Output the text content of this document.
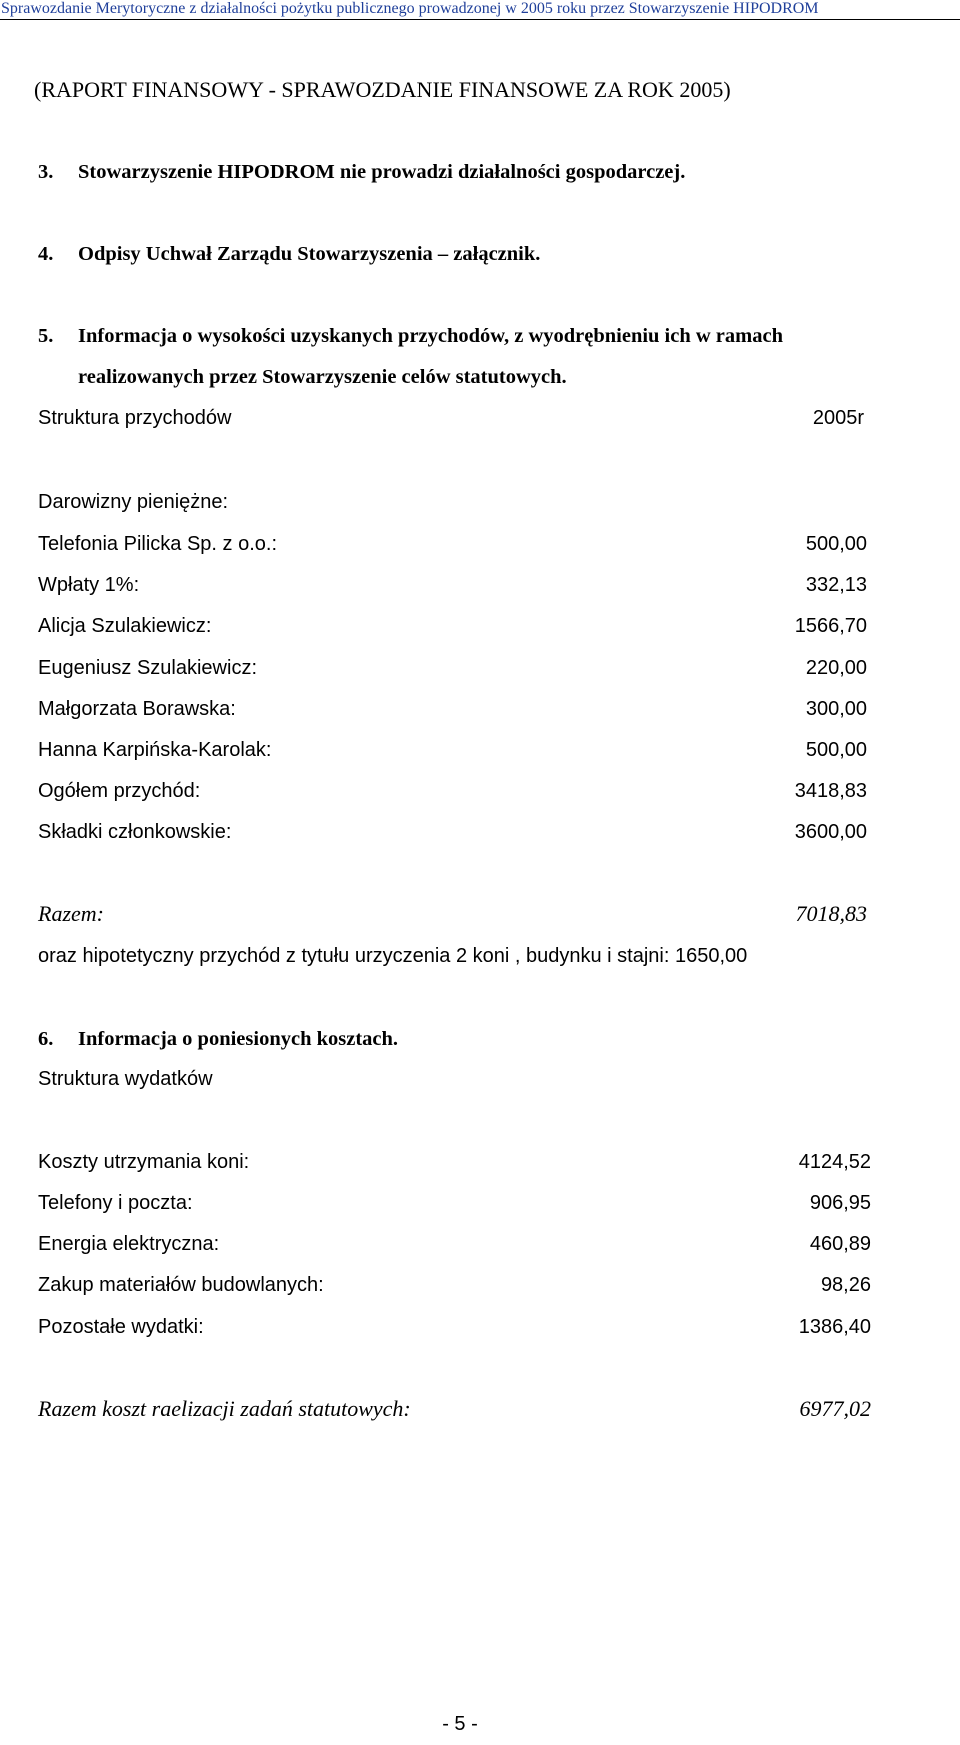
Sprawozdanie Merytoryczne z działalności pożytku publicznego prowadzonej w 2005 roku przez Stowarzyszenie HIPODROM
(RAPORT FINANSOWY - SPRAWOZDANIE FINANSOWE ZA ROK 2005)
3. Stowarzyszenie HIPODROM nie prowadzi działalności gospodarczej.
4. Odpisy Uchwał Zarządu Stowarzyszenia – załącznik.
5. Informacja o wysokości uzyskanych przychodów, z wyodrębnieniu ich w ramach
realizowanych przez Stowarzyszenie celów statutowych.
Struktura przychodów	2005r
Darowizny pieniężne:
Telefonia Pilicka Sp. z o.o.:	500,00
Wpłaty 1%:	332,13
Alicja Szulakiewicz:	1566,70
Eugeniusz Szulakiewicz:	220,00
Małgorzata Borawska:	300,00
Hanna Karpińska-Karolak:	500,00
Ogółem przychód:	3418,83
Składki członkowskie:	3600,00
Razem:	7018,83
oraz hipotetyczny przychód z tytułu urzyczenia 2 koni , budynku i stajni: 1650,00
6. Informacja o poniesionych kosztach.
Struktura wydatków
Koszty utrzymania koni:	4124,52
Telefony i poczta:	906,95
Energia elektryczna:	460,89
Zakup materiałów budowlanych:	98,26
Pozostałe wydatki:	1386,40
Razem koszt raelizacji zadań statutowych:	6977,02
- 5 -
